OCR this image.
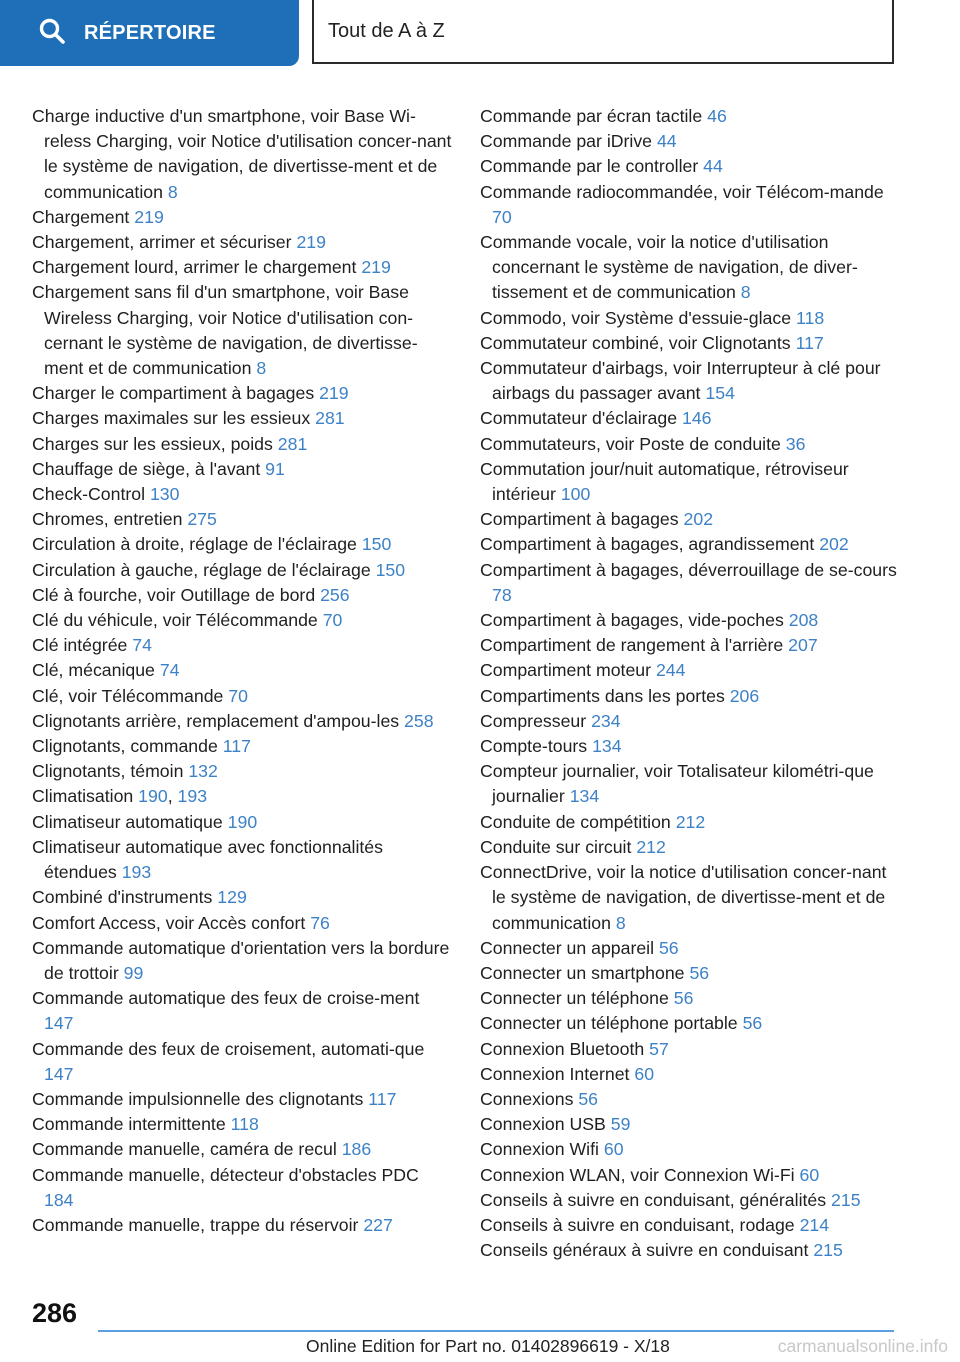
RÉPERTOIRE	Tout de A à Z
Charge inductive d'un smartphone, voir Base Wi-reless Charging, voir Notice d'utilisation concer-nant le système de navigation, de divertisse-ment et de communication 8
Chargement 219
Chargement, arrimer et sécuriser 219
Chargement lourd, arrimer le chargement 219
Chargement sans fil d'un smartphone, voir Base Wireless Charging, voir Notice d'utilisation con-cernant le système de navigation, de divertisse-ment et de communication 8
Charger le compartiment à bagages 219
Charges maximales sur les essieux 281
Charges sur les essieux, poids 281
Chauffage de siège, à l'avant 91
Check-Control 130
Chromes, entretien 275
Circulation à droite, réglage de l'éclairage 150
Circulation à gauche, réglage de l'éclairage 150
Clé à fourche, voir Outillage de bord 256
Clé du véhicule, voir Télécommande 70
Clé intégrée 74
Clé, mécanique 74
Clé, voir Télécommande 70
Clignotants arrière, remplacement d'ampou-les 258
Clignotants, commande 117
Clignotants, témoin 132
Climatisation 190, 193
Climatiseur automatique 190
Climatiseur automatique avec fonctionnalités étendues 193
Combiné d'instruments 129
Comfort Access, voir Accès confort 76
Commande automatique d'orientation vers la bordure de trottoir 99
Commande automatique des feux de croise-ment 147
Commande des feux de croisement, automati-que 147
Commande impulsionnelle des clignotants 117
Commande intermittente 118
Commande manuelle, caméra de recul 186
Commande manuelle, détecteur d'obstacles PDC 184
Commande manuelle, trappe du réservoir 227
Commande par écran tactile 46
Commande par iDrive 44
Commande par le controller 44
Commande radiocommandée, voir Télécom-mande 70
Commande vocale, voir la notice d'utilisation concernant le système de navigation, de diver-tissement et de communication 8
Commodo, voir Système d'essuie-glace 118
Commutateur combiné, voir Clignotants 117
Commutateur d'airbags, voir Interrupteur à clé pour airbags du passager avant 154
Commutateur d'éclairage 146
Commutateurs, voir Poste de conduite 36
Commutation jour/nuit automatique, rétroviseur intérieur 100
Compartiment à bagages 202
Compartiment à bagages, agrandissement 202
Compartiment à bagages, déverrouillage de se-cours 78
Compartiment à bagages, vide-poches 208
Compartiment de rangement à l'arrière 207
Compartiment moteur 244
Compartiments dans les portes 206
Compresseur 234
Compte-tours 134
Compteur journalier, voir Totalisateur kilométri-que journalier 134
Conduite de compétition 212
Conduite sur circuit 212
ConnectDrive, voir la notice d'utilisation concer-nant le système de navigation, de divertisse-ment et de communication 8
Connecter un appareil 56
Connecter un smartphone 56
Connecter un téléphone 56
Connecter un téléphone portable 56
Connexion Bluetooth 57
Connexion Internet 60
Connexions 56
Connexion USB 59
Connexion Wifi 60
Connexion WLAN, voir Connexion Wi-Fi 60
Conseils à suivre en conduisant, généralités 215
Conseils à suivre en conduisant, rodage 214
Conseils généraux à suivre en conduisant 215
286
Online Edition for Part no. 01402896619 - X/18	carmanualsonline.info
